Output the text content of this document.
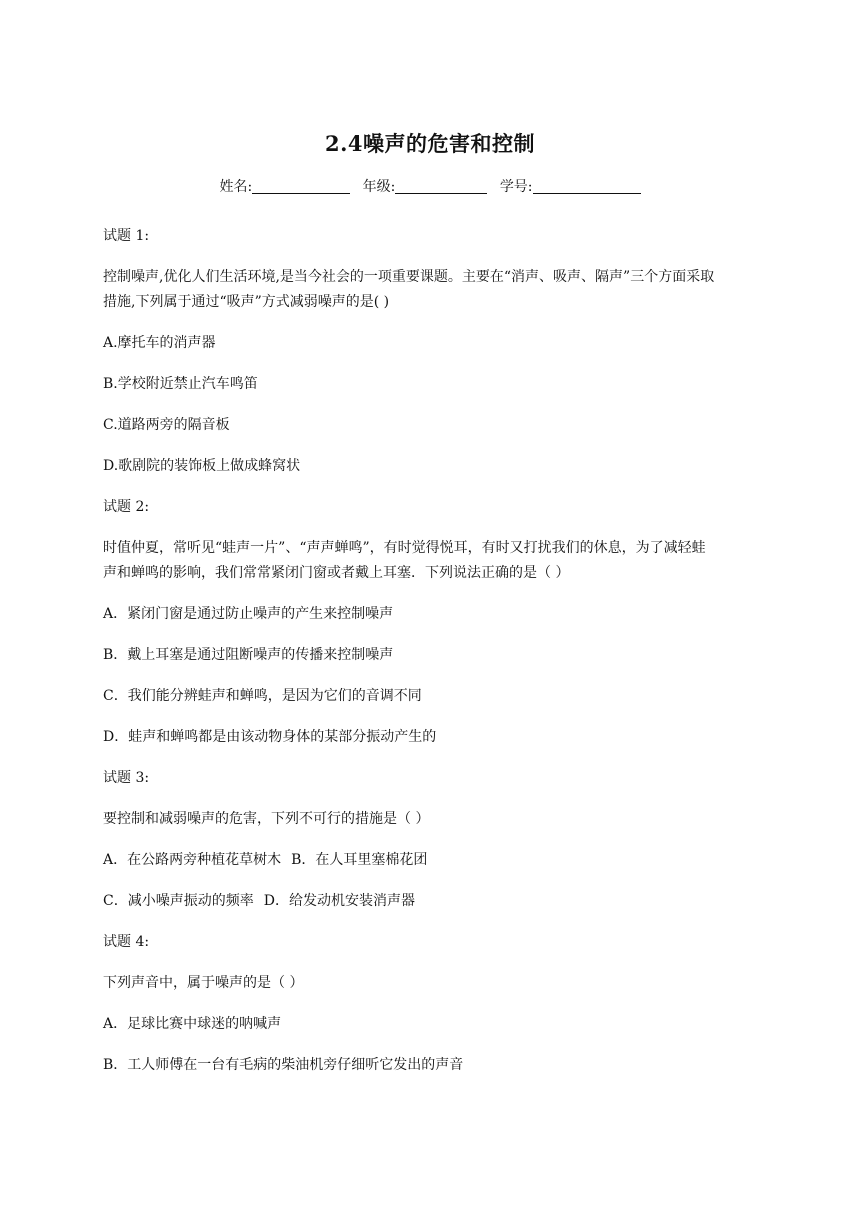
2.4噪声的危害和控制
姓名:	年级:	学号:
试题 1:
控制噪声,优化人们生活环境,是当今社会的一项重要课题。主要在“消声、吸声、隔声”三个方面采取
措施,下列属于通过“吸声”方式减弱噪声的是( )
A.摩托车的消声器
B.学校附近禁止汽车鸣笛
C.道路两旁的隔音板
D.歌剧院的装饰板上做成蜂窝状
试题 2:
时值仲夏，常听见“蛙声一片”、“声声蝉鸣”，有时觉得悦耳，有时又打扰我们的休息，为了减轻蛙
声和蝉鸣的影响，我们常常紧闭门窗或者戴上耳塞．下列说法正确的是（ ）
A．紧闭门窗是通过防止噪声的产生来控制噪声
B．戴上耳塞是通过阻断噪声的传播来控制噪声
C．我们能分辨蛙声和蝉鸣，是因为它们的音调不同
D．蛙声和蝉鸣都是由该动物身体的某部分振动产生的
试题 3:
要控制和减弱噪声的危害，下列不可行的措施是（ ）
A．在公路两旁种植花草树木 B．在人耳里塞棉花团
C．减小噪声振动的频率 D．给发动机安装消声器
试题 4:
下列声音中，属于噪声的是（ ）
A．足球比赛中球迷的呐喊声
B．工人师傅在一台有毛病的柴油机旁仔细听它发出的声音
